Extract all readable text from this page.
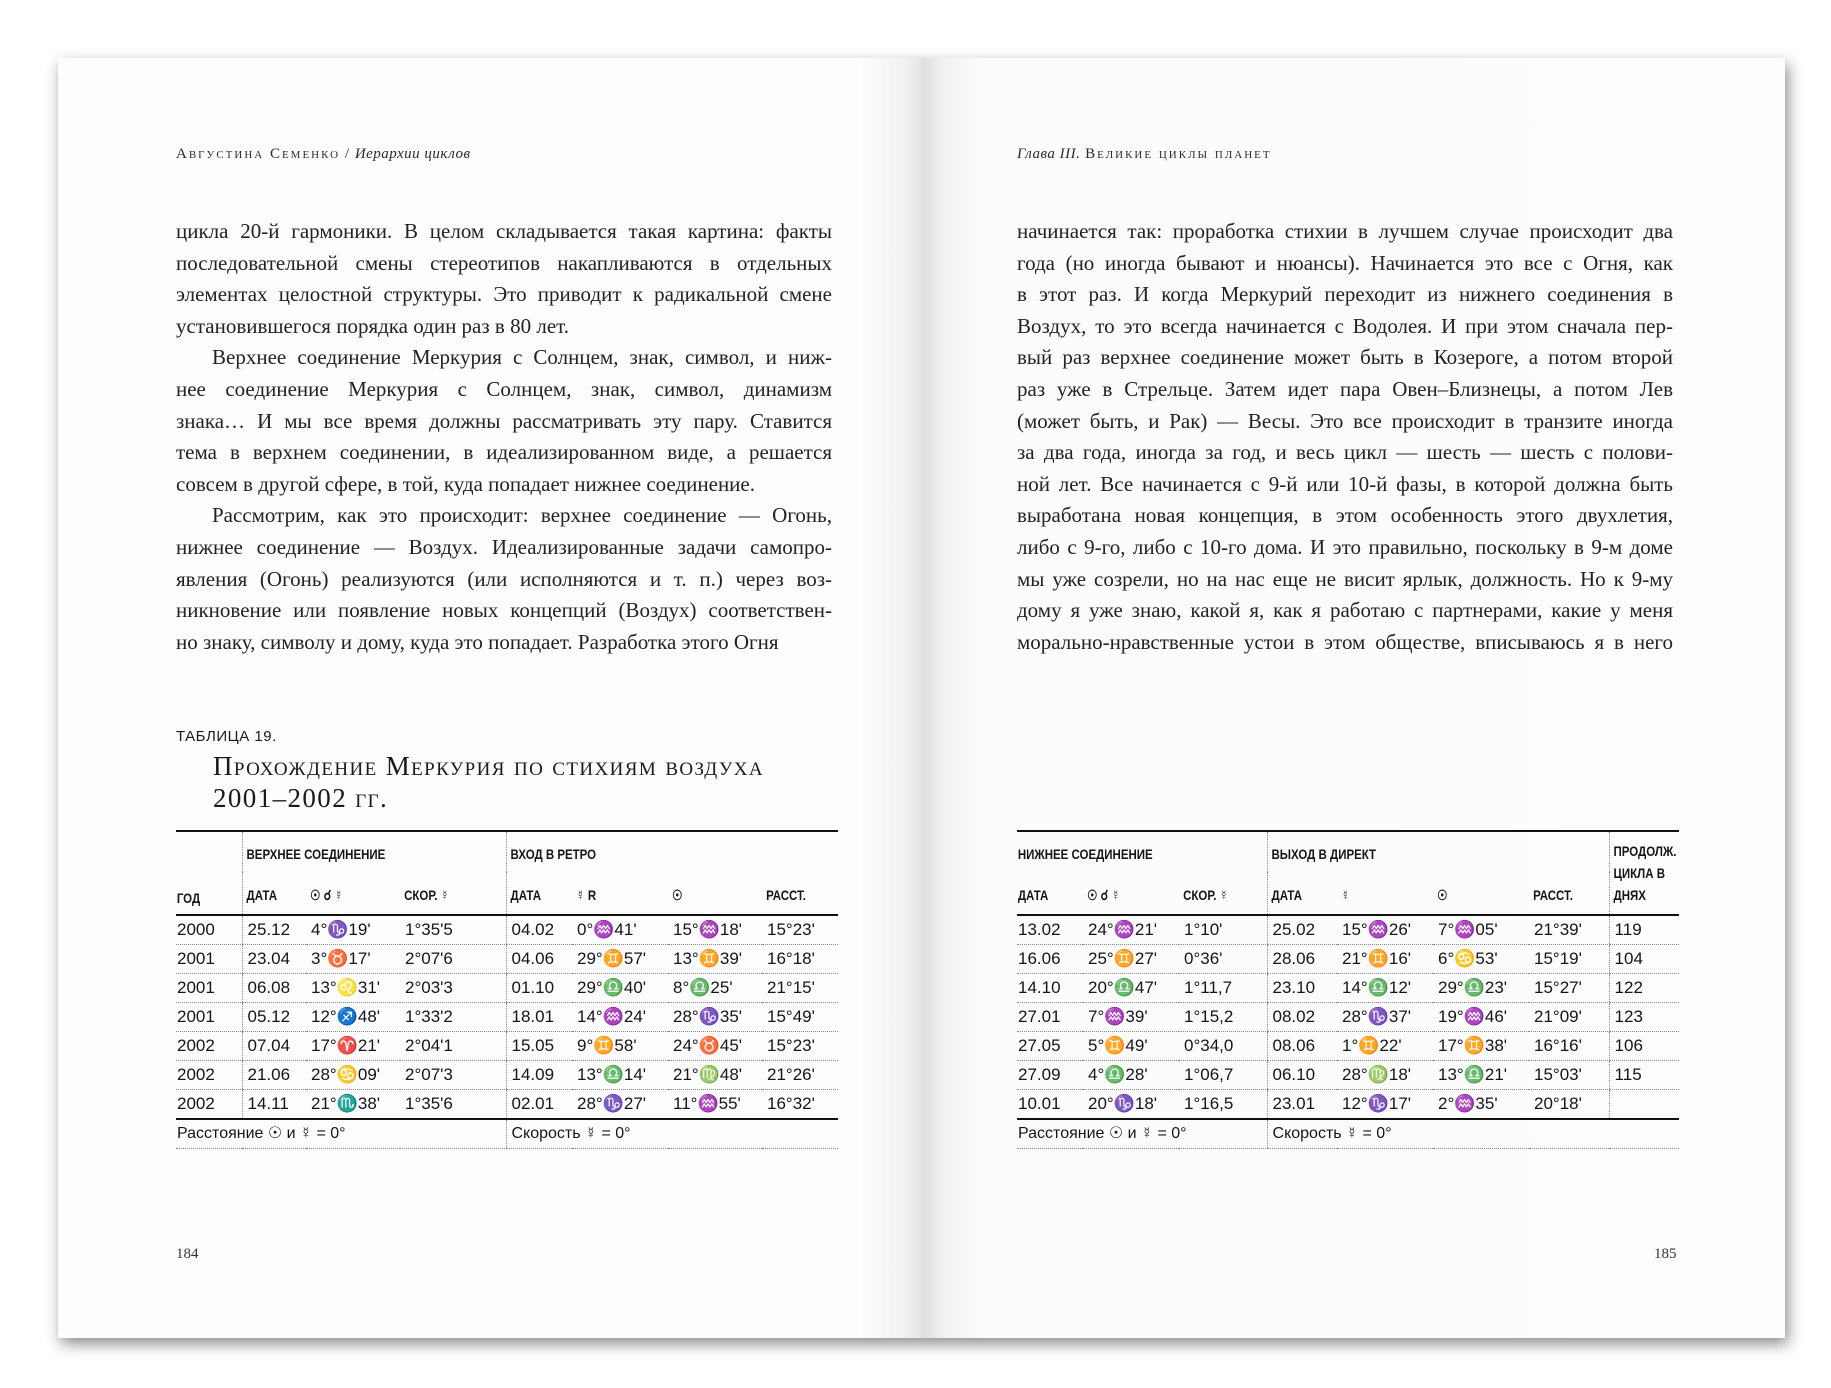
Августина Семенко / Иерархии циклов

цикла 20-й гармоники. В целом складывается такая картина: факты
последовательной смены стереотипов накапливаются в отдельных
элементах целостной структуры. Это приводит к радикальной смене
установившегося порядка один раз в 80 лет.

Верхнее соединение Меркурия с Солнцем, знак, символ, и ниж-
нее соединение Меркурия с Солнцем, знак, символ, динамизм
знака… И мы все время должны рассматривать эту пару. Ставится
тема в верхнем соединении, в идеализированном виде, а решается
совсем в другой сфере, в той, куда попадает нижнее соединение.

Рассмотрим, как это происходит: верхнее соединение — Огонь,
нижнее соединение — Воздух. Идеализированные задачи самопро-
явления (Огонь) реализуются (или исполняются и т. п.) через воз-
никновение или появление новых концепций (Воздух) соответствен-
но знаку, символу и дому, куда это попадает. Разработка этого Огня

ТАБЛИЦА 19.
Прохождение Меркурия по стихиям воздуха 2001–2002 гг.
ГОД	ВЕРХНЕЕ СОЕДИНЕНИЕ			ВХОД В РЕТРО			
	ДАТА	☉ ☌ ☿	СКОР. ☿	ДАТА	☿ R	☉	РАССТ.
2000	25.12	4°♑19'	1°35'5	04.02	0°♒41'	15°♒18'	15°23'
2001	23.04	3°♉17'	2°07'6	04.06	29°♊57'	13°♊39'	16°18'
2001	06.08	13°♌31'	2°03'3	01.10	29°♎40'	8°♎25'	21°15'
2001	05.12	12°♐48'	1°33'2	18.01	14°♒24'	28°♑35'	15°49'
2002	07.04	17°♈21'	2°04'1	15.05	9°♊58'	24°♉45'	15°23'
2002	21.06	28°♋09'	2°07'3	14.09	13°♎14'	21°♍48'	21°26'
2002	14.11	21°♏38'	1°35'6	02.01	28°♑27'	11°♒55'	16°32'
Расстояние ☉ и ☿ = 0°				Скорость ☿ = 0°			
184
Глава III. Великие циклы планет
начинается так: проработка стихии в лучшем случае происходит два
года (но иногда бывают и нюансы). Начинается это все с Огня, как
в этот раз. И когда Меркурий переходит из нижнего соединения в
Воздух, то это всегда начинается с Водолея. И при этом сначала пер-
вый раз верхнее соединение может быть в Козероге, а потом второй
раз уже в Стрельце. Затем идет пара Овен–Близнецы, а потом Лев
(может быть, и Рак) — Весы. Это все происходит в транзите иногда
за два года, иногда за год, и весь цикл — шесть — шесть с полови-
ной лет. Все начинается с 9-й или 10-й фазы, в которой должна быть
выработана новая концепция, в этом особенность этого двухлетия,
либо с 9-го, либо с 10-го дома. И это правильно, поскольку в 9-м доме
мы уже созрели, но на нас еще не висит ярлык, должность. Но к 9-му
дому я уже знаю, какой я, как я работаю с партнерами, какие у меня
морально-нравственные устои в этом обществе, вписываюсь я в него
НИЖНЕЕ СОЕДИНЕНИЕ			ВЫХОД В ДИРЕКТ				ПРОДОЛЖ. ЦИКЛА В ДНЯХ
ДАТА	☉ ☌ ☿	СКОР. ☿	ДАТА	☿	☉	РАССТ.	
13.02	24°♒21'	1°10'	25.02	15°♒26'	7°♒05'	21°39'	119
16.06	25°♊27'	0°36'	28.06	21°♊16'	6°♋53'	15°19'	104
14.10	20°♎47'	1°11,7	23.10	14°♎12'	29°♎23'	15°27'	122
27.01	7°♒39'	1°15,2	08.02	28°♑37'	19°♒46'	21°09'	123
27.05	5°♊49'	0°34,0	08.06	1°♊22'	17°♊38'	16°16'	106
27.09	4°♎28'	1°06,7	06.10	28°♍18'	13°♎21'	15°03'	115
10.01	20°♑18'	1°16,5	23.01	12°♑17'	2°♒35'	20°18'	
Расстояние ☉ и ☿ = 0°			Скорость ☿ = 0°				
185
